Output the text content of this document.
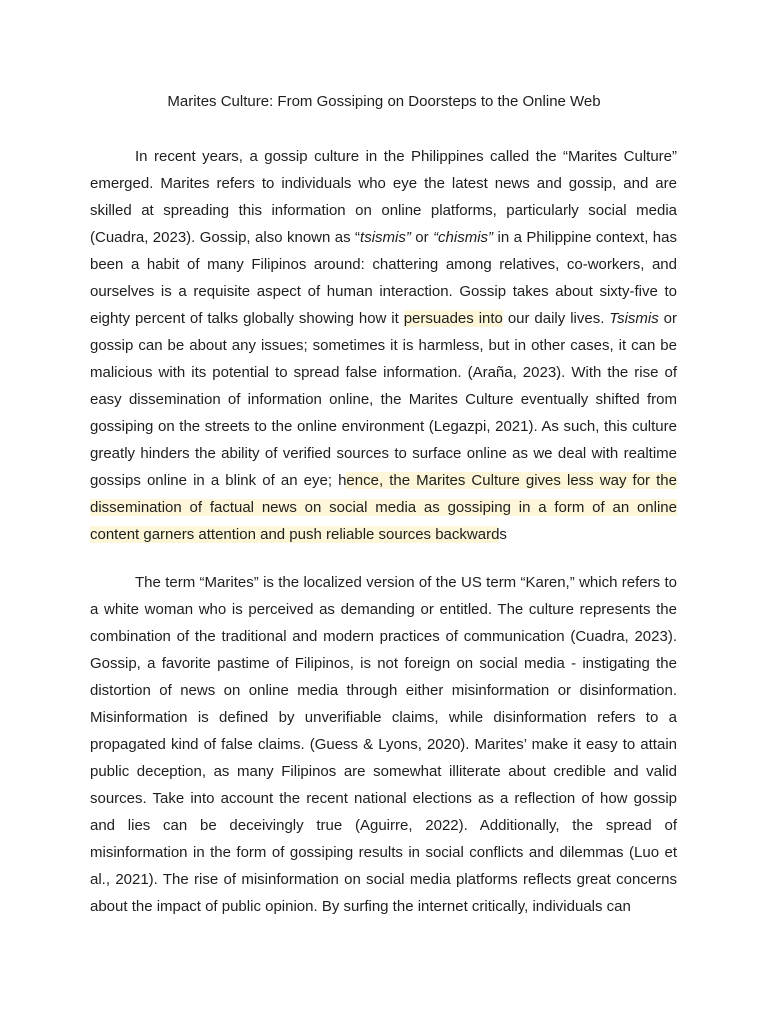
Marites Culture: From Gossiping on Doorsteps to the Online Web

In recent years, a gossip culture in the Philippines called the “Marites Culture” emerged. Marites refers to individuals who eye the latest news and gossip, and are skilled at spreading this information on online platforms, particularly social media (Cuadra, 2023). Gossip, also known as “tsismis” or “chismis” in a Philippine context, has been a habit of many Filipinos around: chattering among relatives, co-workers, and ourselves is a requisite aspect of human interaction. Gossip takes about sixty-five to eighty percent of talks globally showing how it persuades into our daily lives. Tsismis or gossip can be about any issues; sometimes it is harmless, but in other cases, it can be malicious with its potential to spread false information. (Araña, 2023). With the rise of easy dissemination of information online, the Marites Culture eventually shifted from gossiping on the streets to the online environment (Legazpi, 2021). As such, this culture greatly hinders the ability of verified sources to surface online as we deal with realtime gossips online in a blink of an eye; hence, the Marites Culture gives less way for the dissemination of factual news on social media as gossiping in a form of an online content garners attention and push reliable sources backwards

The term “Marites” is the localized version of the US term “Karen,” which refers to a white woman who is perceived as demanding or entitled. The culture represents the combination of the traditional and modern practices of communication (Cuadra, 2023). Gossip, a favorite pastime of Filipinos, is not foreign on social media - instigating the distortion of news on online media through either misinformation or disinformation. Misinformation is defined by unverifiable claims, while disinformation refers to a propagated kind of false claims. (Guess & Lyons, 2020). Marites’ make it easy to attain public deception, as many Filipinos are somewhat illiterate about credible and valid sources. Take into account the recent national elections as a reflection of how gossip and lies can be deceivingly true (Aguirre, 2022). Additionally, the spread of misinformation in the form of gossiping results in social conflicts and dilemmas (Luo et al., 2021). The rise of misinformation on social media platforms reflects great concerns about the impact of public opinion. By surfing the internet critically, individuals can
